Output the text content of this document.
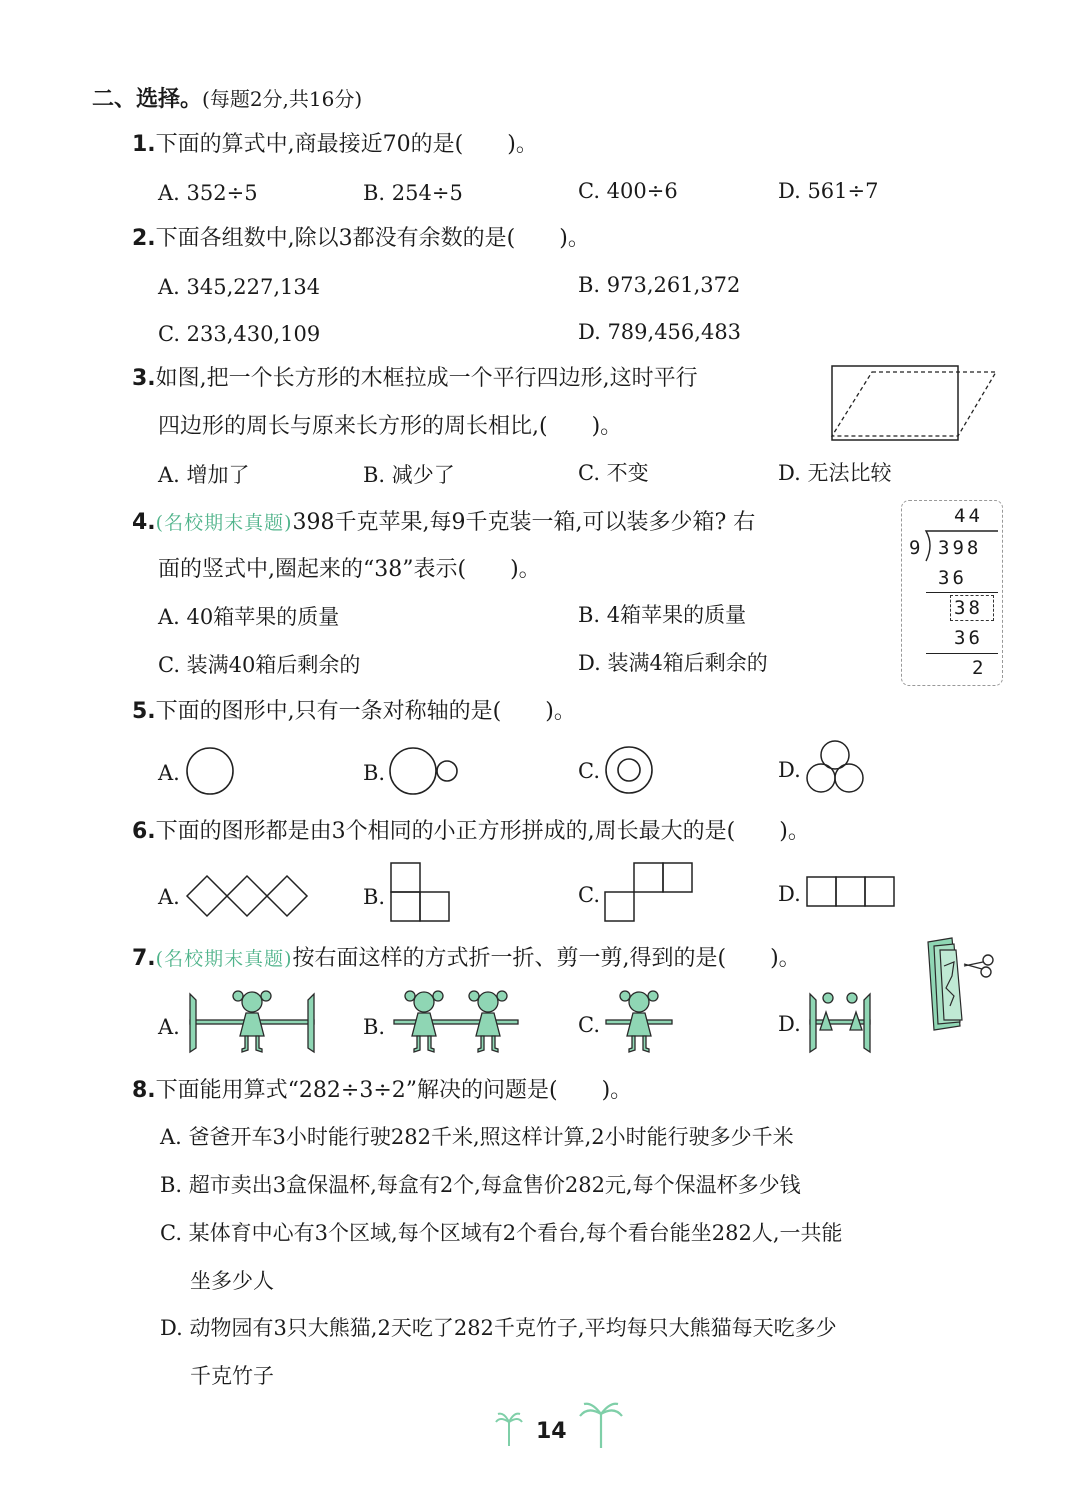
二、选择。(每题2分,共16分)
1.下面的算式中,商最接近70的是(　　)。
A. 352÷5	B. 254÷5	C. 400÷6	D. 561÷7
2.下面各组数中,除以3都没有余数的是(　　)。
A. 345,227,134	B. 973,261,372
C. 233,430,109	D. 789,456,483
3.如图,把一个长方形的木框拉成一个平行四边形,这时平行
四边形的周长与原来长方形的周长相比,(　　)。
A. 增加了	B. 减少了	C. 不变	D. 无法比较
4.(名校期末真题)398千克苹果,每9千克装一箱,可以装多少箱? 右
面的竖式中,圈起来的“38”表示(　　)。
A. 40箱苹果的质量	B. 4箱苹果的质量
C. 装满40箱后剩余的	D. 装满4箱后剩余的
44
9 398
36
38
36
2
5.下面的图形中,只有一条对称轴的是(　　)。
A.	B.	C.	D.
6.下面的图形都是由3个相同的小正方形拼成的,周长最大的是(　　)。
A.	B.	C.	D.
7.(名校期末真题)按右面这样的方式折一折、剪一剪,得到的是(　　)。
A.	B.	C.	D.
8.下面能用算式“282÷3÷2”解决的问题是(　　)。
A. 爸爸开车3小时能行驶282千米,照这样计算,2小时能行驶多少千米
B. 超市卖出3盒保温杯,每盒有2个,每盒售价282元,每个保温杯多少钱
C. 某体育中心有3个区域,每个区域有2个看台,每个看台能坐282人,一共能
坐多少人
D. 动物园有3只大熊猫,2天吃了282千克竹子,平均每只大熊猫每天吃多少
千克竹子
14
